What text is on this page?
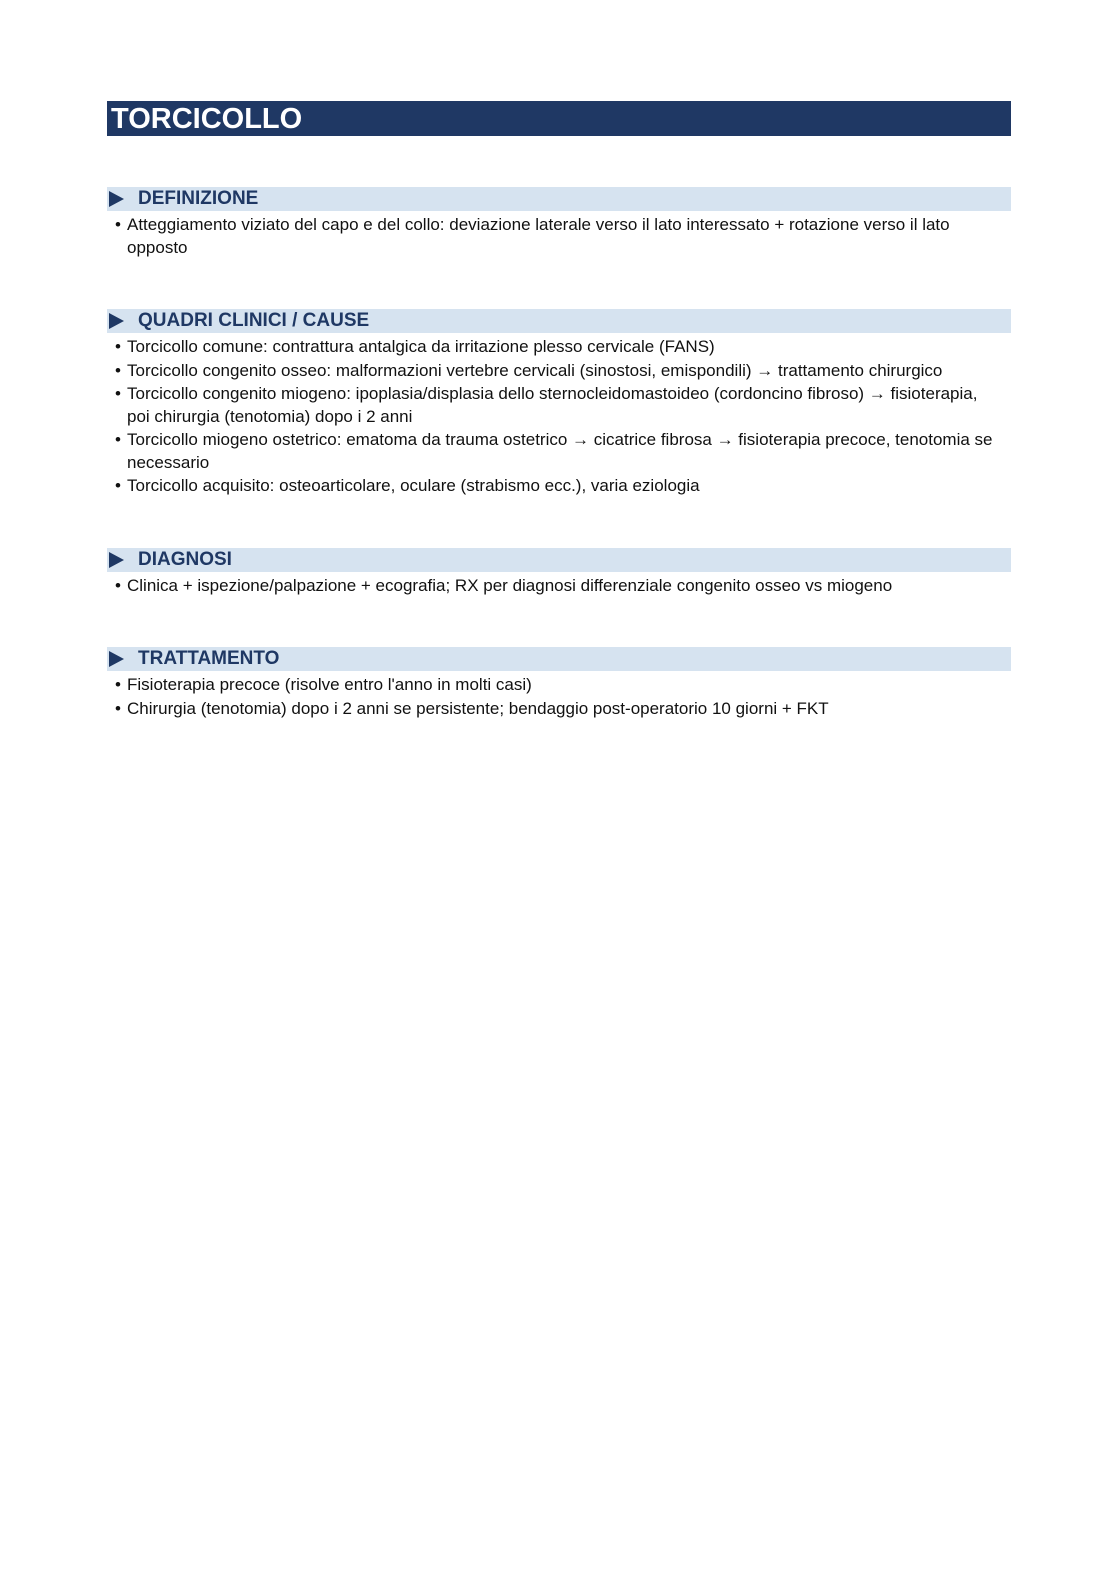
TORCICOLLO
DEFINIZIONE
• Atteggiamento viziato del capo e del collo: deviazione laterale verso il lato interessato + rotazione verso il lato opposto
QUADRI CLINICI / CAUSE
• Torcicollo comune: contrattura antalgica da irritazione plesso cervicale (FANS)
• Torcicollo congenito osseo: malformazioni vertebre cervicali (sinostosi, emispondili) → trattamento chirurgico
• Torcicollo congenito miogeno: ipoplasia/displasia dello sternocleidomastoideo (cordoncino fibroso) → fisioterapia, poi chirurgia (tenotomia) dopo i 2 anni
• Torcicollo miogeno ostetrico: ematoma da trauma ostetrico → cicatrice fibrosa → fisioterapia precoce, tenotomia se necessario
• Torcicollo acquisito: osteoarticolare, oculare (strabismo ecc.), varia eziologia
DIAGNOSI
• Clinica + ispezione/palpazione + ecografia; RX per diagnosi differenziale congenito osseo vs miogeno
TRATTAMENTO
• Fisioterapia precoce (risolve entro l'anno in molti casi)
• Chirurgia (tenotomia) dopo i 2 anni se persistente; bendaggio post-operatorio 10 giorni + FKT
